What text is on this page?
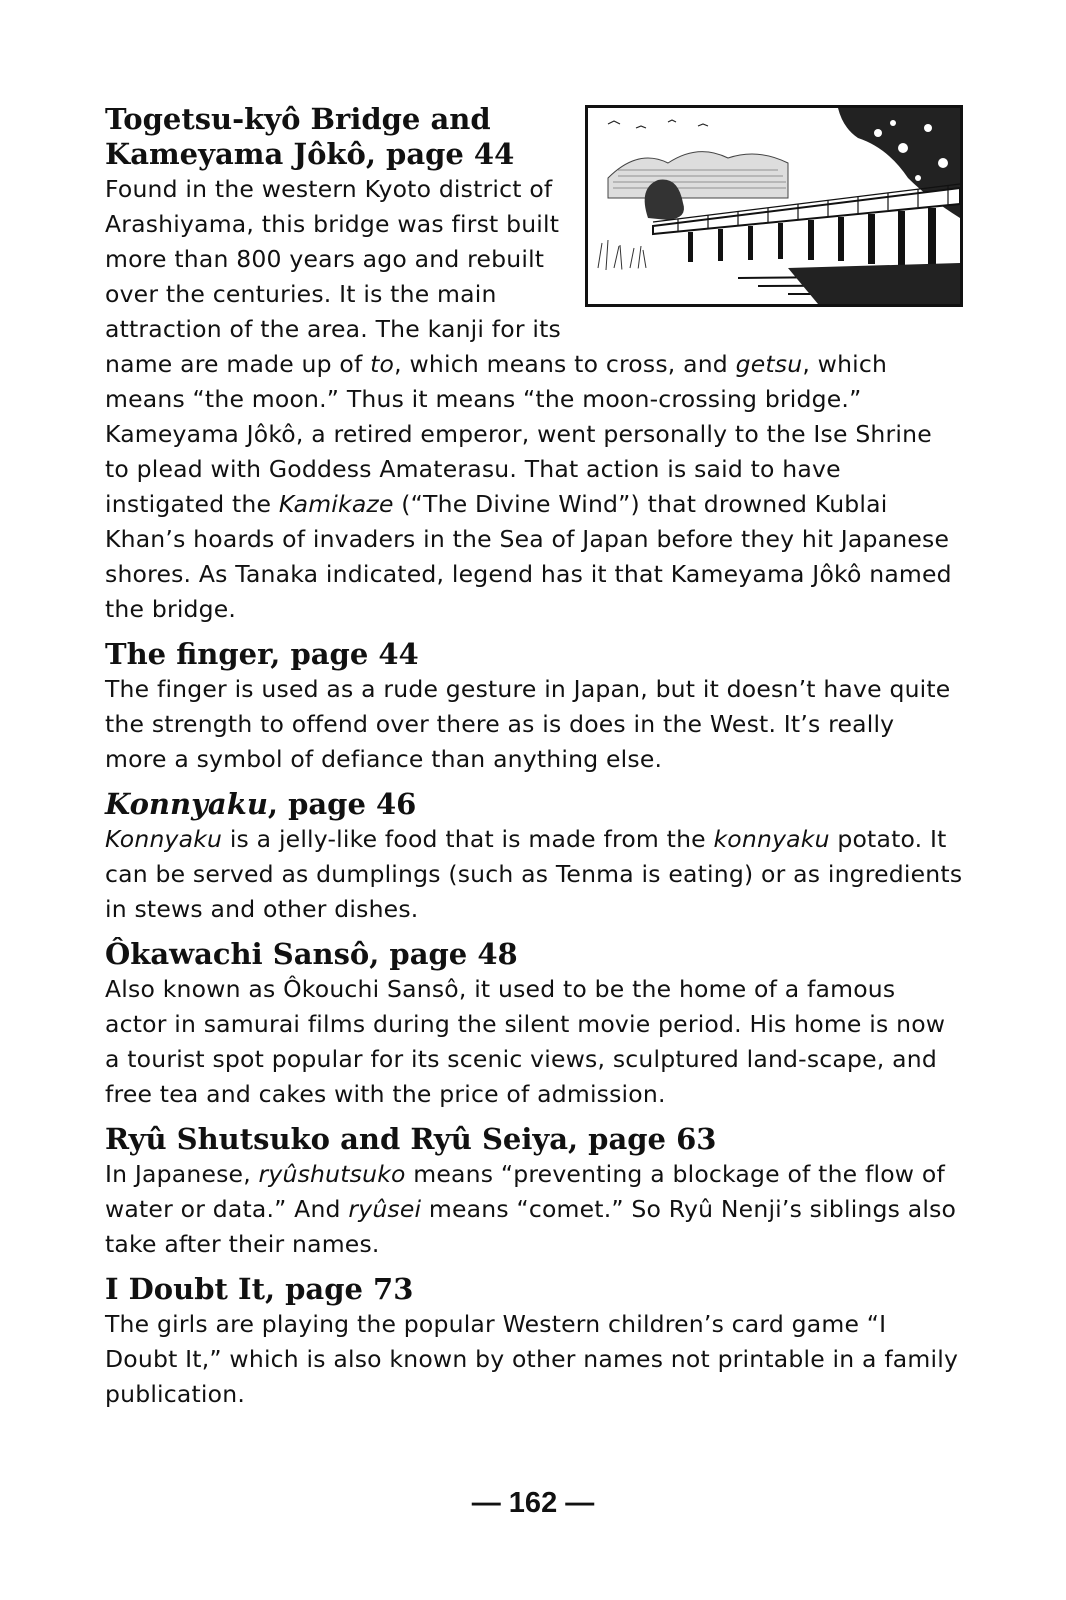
Togetsu-kyô Bridge and Kameyama Jôkô, page 44

Found in the western Kyoto district of Arashiyama, this bridge was first built more than 800 years ago and rebuilt over the centuries. It is the main attraction of the area. The kanji for its name are made up of to, which means to cross, and getsu, which means “the moon.” Thus it means “the moon-crossing bridge.” Kameyama Jôkô, a retired emperor, went personally to the Ise Shrine to plead with Goddess Amaterasu. That action is said to have instigated the Kamikaze (“The Divine Wind”) that drowned Kublai Khan’s hoards of invaders in the Sea of Japan before they hit Japanese shores. As Tanaka indicated, legend has it that Kameyama Jôkô named the bridge.

The finger, page 44

The finger is used as a rude gesture in Japan, but it doesn’t have quite the strength to offend over there as is does in the West. It’s really more a symbol of defiance than anything else.

Konnyaku, page 46

Konnyaku is a jelly-like food that is made from the konnyaku potato. It can be served as dumplings (such as Tenma is eating) or as ingredients in stews and other dishes.

Ôkawachi Sansô, page 48

Also known as Ôkouchi Sansô, it used to be the home of a famous actor in samurai films during the silent movie period. His home is now a tourist spot popular for its scenic views, sculptured land-scape, and free tea and cakes with the price of admission.

Ryû Shutsuko and Ryû Seiya, page 63

In Japanese, ryûshutsuko means “preventing a blockage of the flow of water or data.” And ryûsei means “comet.” So Ryû Nenji’s siblings also take after their names.

I Doubt It, page 73

The girls are playing the popular Western children’s card game “I Doubt It,” which is also known by other names not printable in a family publication.

— 162 —
